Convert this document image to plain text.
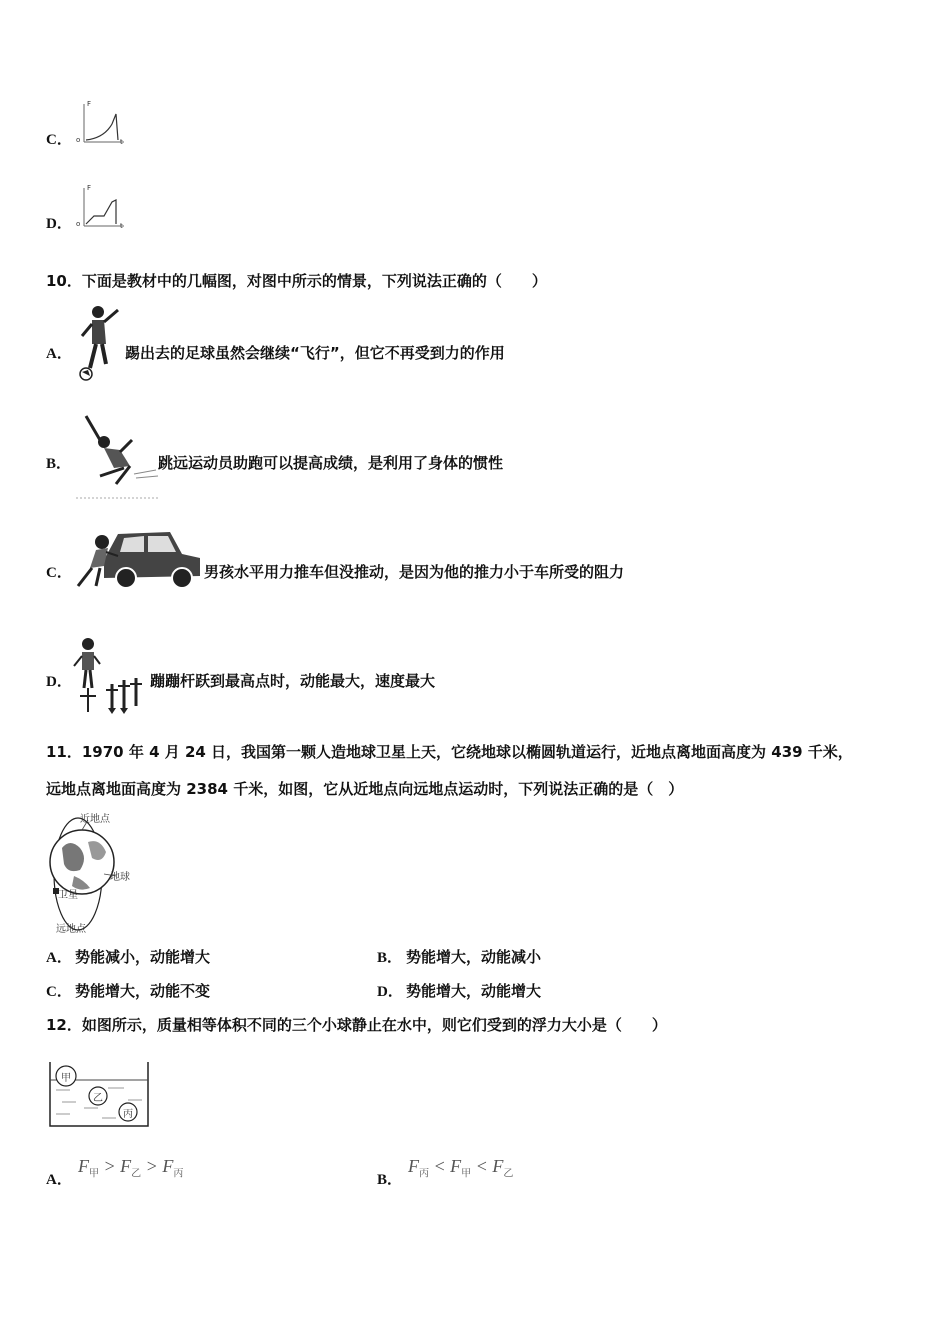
C．
F
t
o
D．
F
t
o
10．下面是教材中的几幅图，对图中所示的情景，下列说法正确的（　　）
A．	踢出去的足球虽然会继续“飞行”，但它不再受到力的作用
B．	跳远运动员助跑可以提高成绩，是利用了身体的惯性
C．	男孩水平用力推车但没推动，是因为他的推力小于车所受的阻力
D．	蹦蹦杆跃到最高点时，动能最大，速度最大
11．1970 年 4 月 24 日，我国第一颗人造地球卫星上天，它绕地球以椭圆轨道运行，近地点离地面高度为 439 千米，
远地点离地面高度为 2384 千米，如图，它从近地点向远地点运动时，下列说法正确的是（　）
近地点
地球
卫星
远地点
A． 势能减小，动能增大	B． 势能增大，动能减小
C． 势能增大，动能不变	D． 势能增大，动能增大
12．如图所示，质量相等体积不同的三个小球静止在水中，则它们受到的浮力大小是（　　）
甲
乙
丙
A．
$F_甲 > F_乙 > F_丙$	B．
$F_丙 < F_甲 < F_乙$
